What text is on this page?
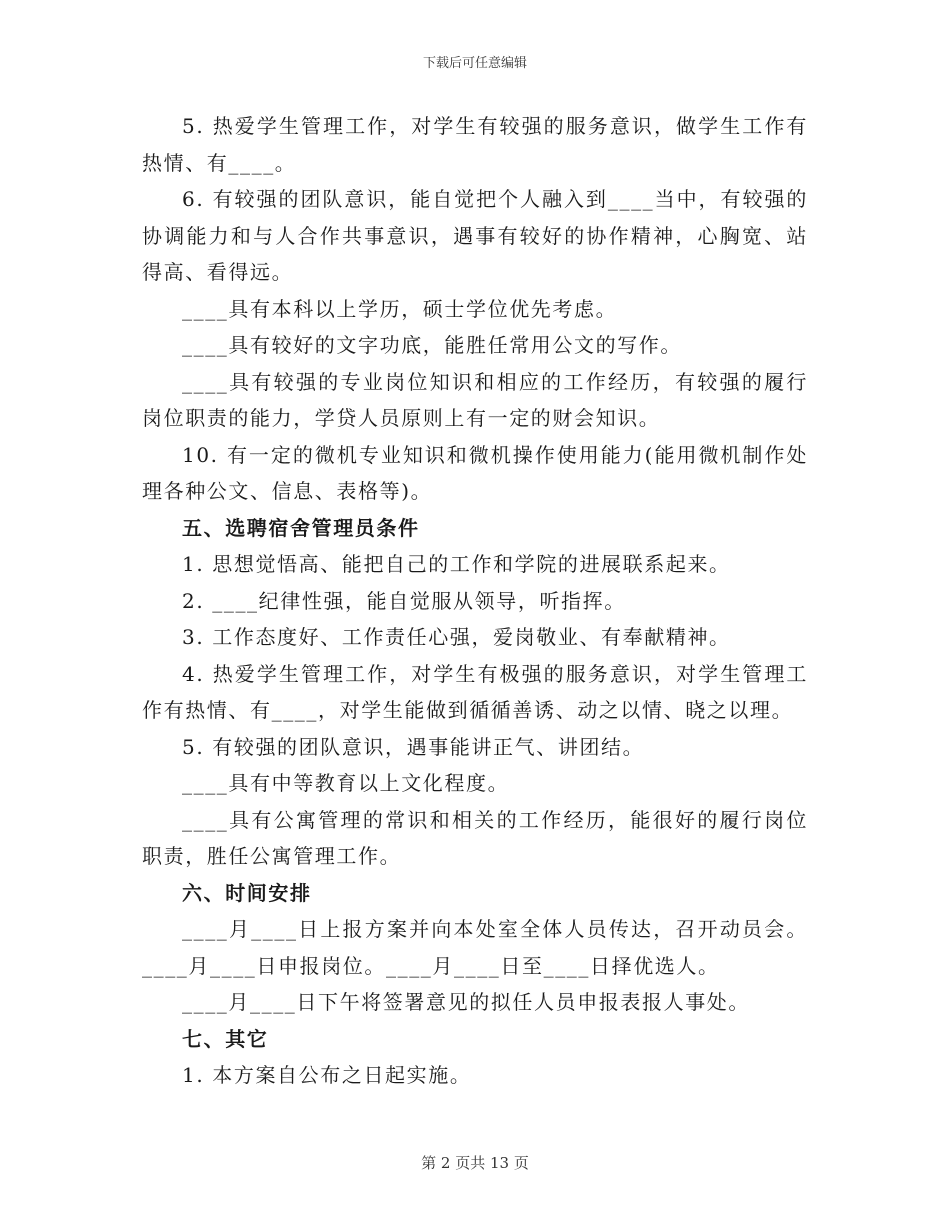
下载后可任意编辑

5. 热爱学生管理工作，对学生有较强的服务意识，做学生工作有热情、有____。

6. 有较强的团队意识，能自觉把个人融入到____当中，有较强的协调能力和与人合作共事意识，遇事有较好的协作精神，心胸宽、站得高、看得远。

____具有本科以上学历，硕士学位优先考虑。

____具有较好的文字功底，能胜任常用公文的写作。

____具有较强的专业岗位知识和相应的工作经历，有较强的履行岗位职责的能力，学贷人员原则上有一定的财会知识。

10. 有一定的微机专业知识和微机操作使用能力(能用微机制作处理各种公文、信息、表格等)。

五、选聘宿舍管理员条件

1. 思想觉悟高、能把自己的工作和学院的进展联系起来。

2. ____纪律性强，能自觉服从领导，听指挥。

3. 工作态度好、工作责任心强，爱岗敬业、有奉献精神。

4. 热爱学生管理工作，对学生有极强的服务意识，对学生管理工作有热情、有____，对学生能做到循循善诱、动之以情、晓之以理。

5. 有较强的团队意识，遇事能讲正气、讲团结。

____具有中等教育以上文化程度。

____具有公寓管理的常识和相关的工作经历，能很好的履行岗位职责，胜任公寓管理工作。

六、时间安排

____月____日上报方案并向本处室全体人员传达，召开动员会。____月____日申报岗位。____月____日至____日择优选人。

____月____日下午将签署意见的拟任人员申报表报人事处。

七、其它

1. 本方案自公布之日起实施。

第 2 页共 13 页
